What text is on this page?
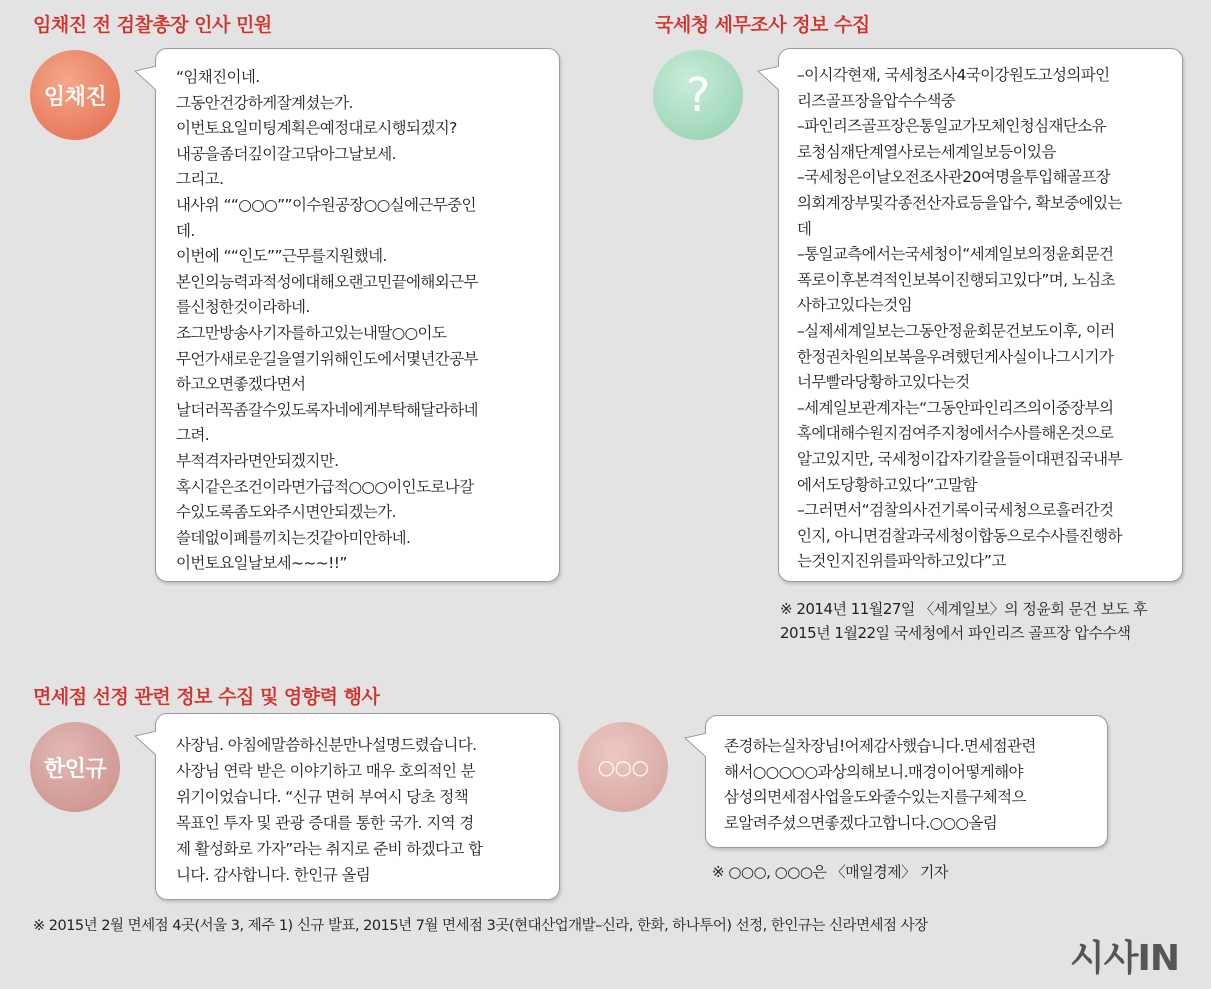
임채진 전 검찰총장 인사 민원
임채진
“임채진이네.
그동안건강하게잘계셨는가.
이번토요일미팅계획은예정대로시행되겠지?
내공을좀더깊이갈고닦아그날보세.
그리고.
내사위 ““○○○””이수원공장○○실에근무중인
데.
이번에 ““인도””근무를지원했네.
본인의능력과적성에대해오랜고민끝에해외근무
를신청한것이라하네.
조그만방송사기자를하고있는내딸○○이도
무언가새로운길을열기위해인도에서몇년간공부
하고오면좋겠다면서
날더러꼭좀갈수있도록자네에게부탁해달라하네
그려.
부적격자라면안되겠지만.
혹시같은조건이라면가급적○○○이인도로나갈
수있도록좀도와주시면안되겠는가.
쓸데없이폐를끼치는것같아미안하네.
이번토요일날보세~~~!!”
국세청 세무조사 정보 수집
?	–이시각현재, 국세청조사4국이강원도고성의파인
리즈골프장을압수수색중
–파인리즈골프장은통일교가모체인청심재단소유
로청심재단계열사로는세계일보등이있음
–국세청은이날오전조사관20여명을투입해골프장
의회계장부및각종전산자료등을압수, 확보중에있는
데
–통일교측에서는국세청이“세계일보의정윤회문건
폭로이후본격적인보복이진행되고있다”며, 노심초
사하고있다는것임
–실제세계일보는그동안정윤회문건보도이후, 이러
한정권차원의보복을우려했던게사실이나그시기가
너무빨라당황하고있다는것
–세계일보관계자는“그동안파인리즈의이중장부의
혹에대해수원지검여주지청에서수사를해온것으로
알고있지만, 국세청이갑자기칼을들이대편집국내부
에서도당황하고있다”고말함
–그러면서“검찰의사건기록이국세청으로흘러간것
인지, 아니면검찰과국세청이합동으로수사를진행하
는것인지진위를파악하고있다”고
※ 2014년 11월27일 〈세계일보〉의 정윤회 문건 보도 후
2015년 1월22일 국세청에서 파인리즈 골프장 압수수색
면세점 선정 관련 정보 수집 및 영향력 행사
한인규
사장님. 아침에말씀하신분만나설명드렸습니다.
사장님 연락 받은 이야기하고 매우 호의적인 분
위기이었습니다. “신규 면허 부여시 당초 정책
목표인 투자 및 관광 증대를 통한 국가. 지역 경
제 활성화로 가자”라는 취지로 준비 하겠다고 합
니다. 감사합니다. 한인규 올림
○○○
존경하는실차장님!어제감사했습니다.면세점관련
해서○○○○○과상의해보니.매경이어떻게해야
삼성의면세점사업을도와줄수있는지를구체적으
로알려주셨으면좋겠다고합니다.○○○올림
※ ○○○, ○○○은 〈매일경제〉 기자
※ 2015년 2월 면세점 4곳(서울 3, 제주 1) 신규 발표, 2015년 7월 면세점 3곳(현대산업개발–신라, 한화, 하나투어) 선정, 한인규는 신라면세점 사장
시사IN
